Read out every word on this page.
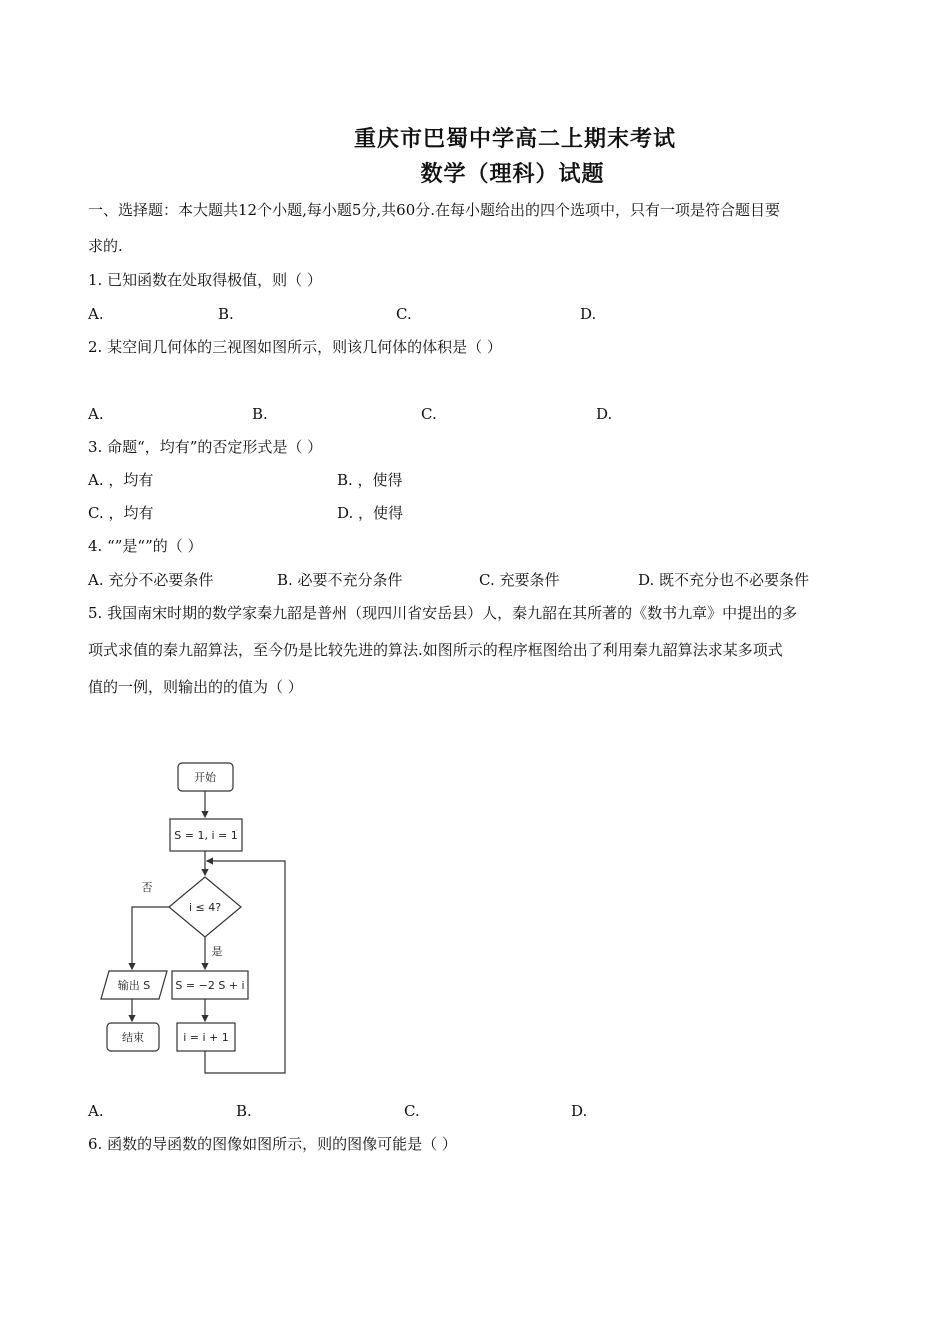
重庆市巴蜀中学高二上期末考试
数学（理科）试题
一、选择题：本大题共12个小题,每小题5分,共60分.在每小题给出的四个选项中，只有一项是符合题目要
求的.
1. 已知函数在处取得极值，则（ ）
A.	B.	C.	D.
2. 某空间几何体的三视图如图所示，则该几何体的体积是（ ）
A.	B.	C.	D.
3. 命题“，均有”的否定形式是（ ）
A. ，均有	B. ，使得
C. ，均有	D. ，使得
4. “”是“”的（ ）
A. 充分不必要条件	B. 必要不充分条件	C. 充要条件	D. 既不充分也不必要条件
5. 我国南宋时期的数学家秦九韶是普州（现四川省安岳县）人，秦九韶在其所著的《数书九章》中提出的多
项式求值的秦九韶算法，至今仍是比较先进的算法.如图所示的程序框图给出了利用秦九韶算法求某多项式
值的一例，则输出的的值为（ ）
开始
S = 1, i = 1
i ≤ 4?
否
是
输出 S S = −2 S + i
i = i + 1
结束
A.	B.	C.	D.
6. 函数的导函数的图像如图所示，则的图像可能是（ ）
